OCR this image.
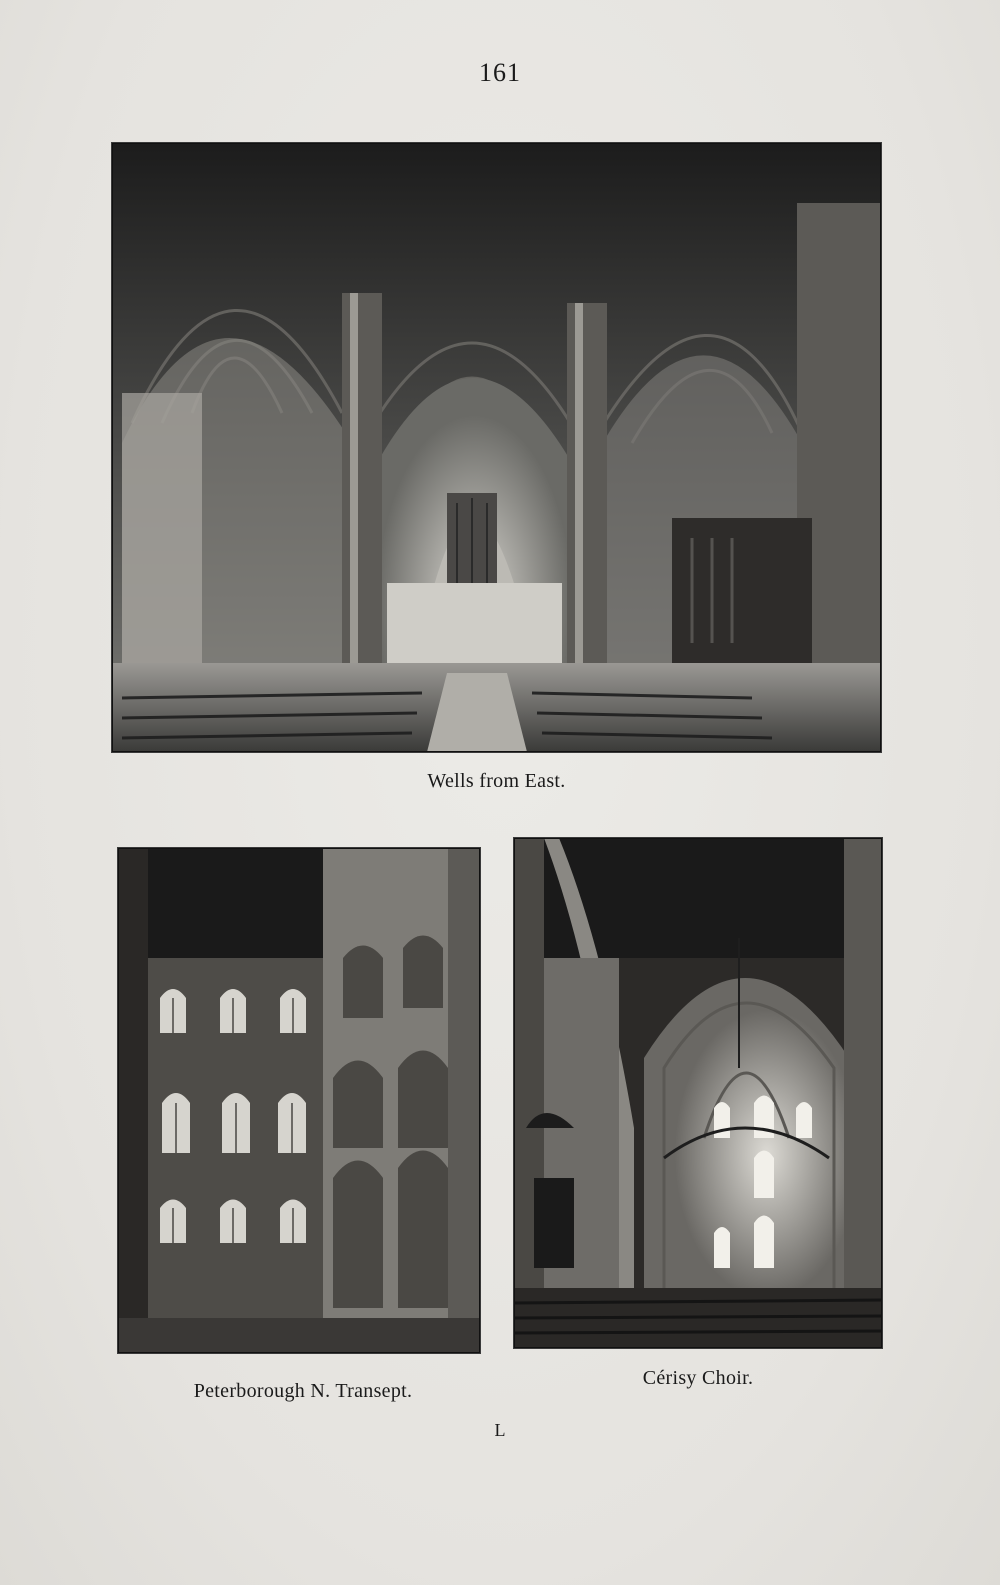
161
Wells from East.
Peterborough N. Transept.
Cérisy Choir.
L
